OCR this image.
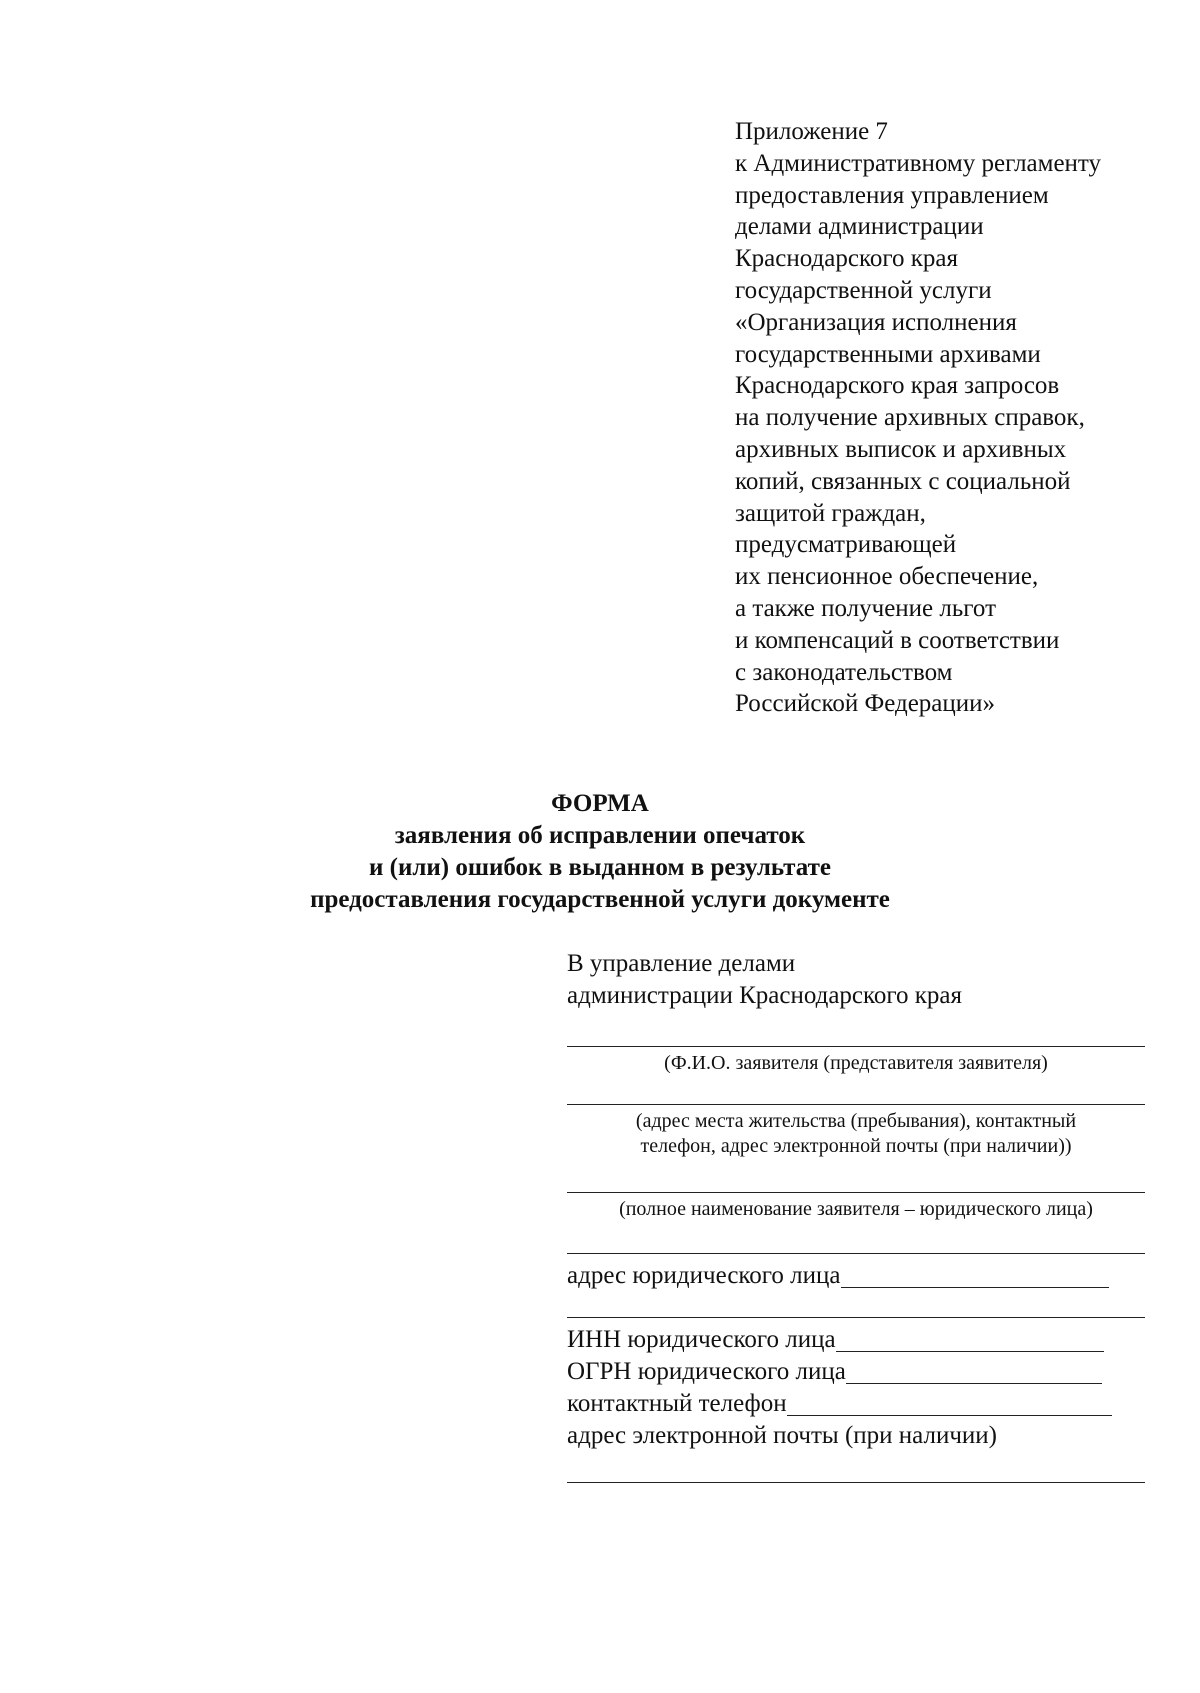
Приложение 7
к Административному регламенту
предоставления управлением
делами администрации
Краснодарского края
государственной услуги
«Организация исполнения
государственными архивами
Краснодарского края запросов
на получение архивных справок,
архивных выписок и архивных
копий, связанных с социальной
защитой граждан,
предусматривающей
их пенсионное обеспечение,
а также получение льгот
и компенсаций в соответствии
с законодательством
Российской Федерации»
ФОРМА
заявления об исправлении опечаток
и (или) ошибок в выданном в результате
предоставления государственной услуги документе
В управление делами
администрации Краснодарского края
(Ф.И.О. заявителя (представителя заявителя)
(адрес места жительства (пребывания), контактный
телефон, адрес электронной почты (при наличии))
(полное наименование заявителя – юридического лица)
адрес юридического лица
ИНН юридического лица
ОГРН юридического лица
контактный телефон
адрес электронной почты (при наличии)
